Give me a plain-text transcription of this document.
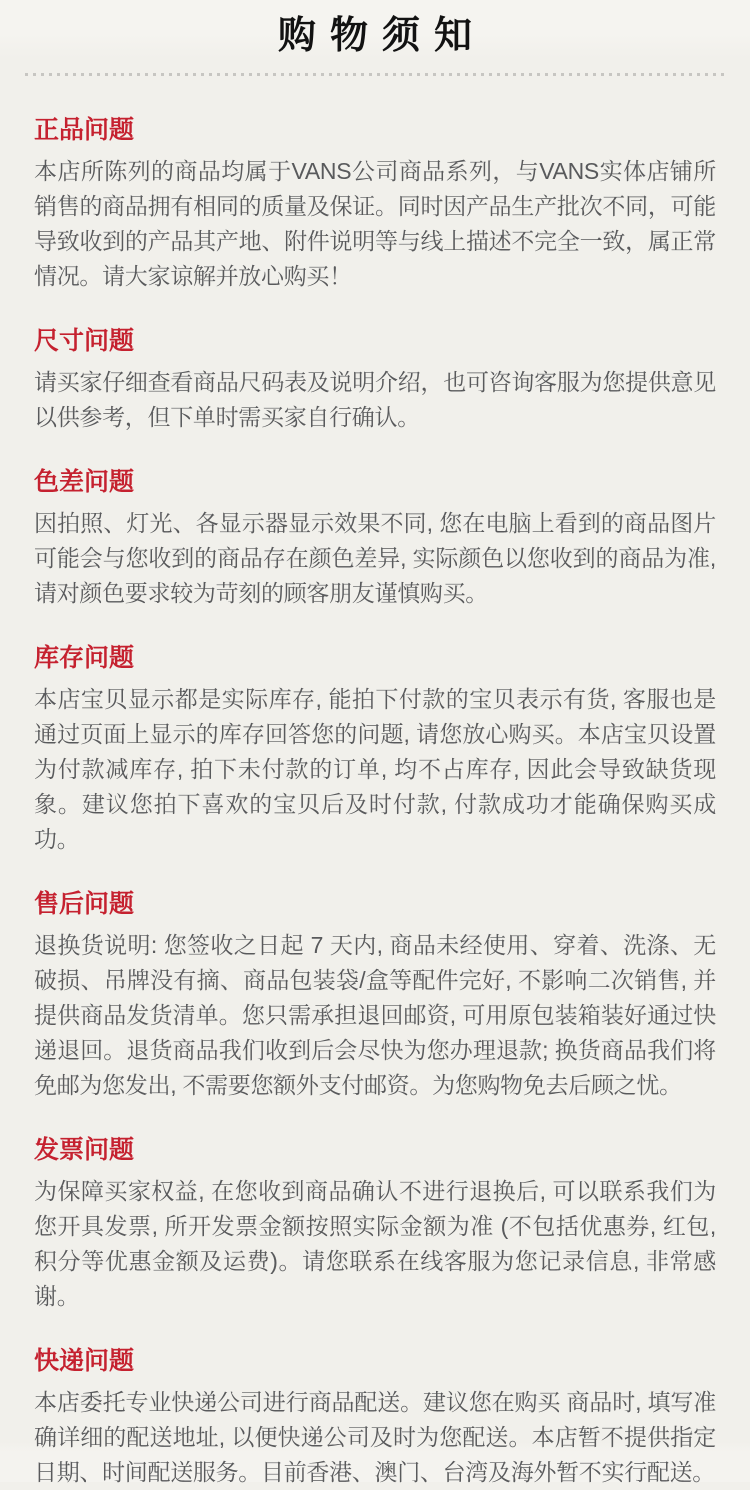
购物须知
正品问题

本店所陈列的商品均属于VANS公司商品系列，与VANS实体店铺所销售的商品拥有相同的质量及保证。同时因产品生产批次不同，可能导致收到的产品其产地、附件说明等与线上描述不完全一致，属正常情况。请大家谅解并放心购买！

尺寸问题

请买家仔细查看商品尺码表及说明介绍，也可咨询客服为您提供意见以供参考，但下单时需买家自行确认。

色差问题

因拍照、灯光、各显示器显示效果不同, 您在电脑上看到的商品图片可能会与您收到的商品存在颜色差异, 实际颜色以您收到的商品为准, 请对颜色要求较为苛刻的顾客朋友谨慎购买。

库存问题

本店宝贝显示都是实际库存, 能拍下付款的宝贝表示有货, 客服也是通过页面上显示的库存回答您的问题, 请您放心购买。本店宝贝设置为付款减库存, 拍下未付款的订单, 均不占库存, 因此会导致缺货现象。建议您拍下喜欢的宝贝后及时付款, 付款成功才能确保购买成功。

售后问题

退换货说明: 您签收之日起 7 天内, 商品未经使用、穿着、洗涤、无破损、吊牌没有摘、商品包装袋/盒等配件完好, 不影响二次销售, 并提供商品发货清单。您只需承担退回邮资, 可用原包装箱装好通过快递退回。退货商品我们收到后会尽快为您办理退款; 换货商品我们将免邮为您发出, 不需要您额外支付邮资。为您购物免去后顾之忧。

发票问题

为保障买家权益, 在您收到商品确认不进行退换后, 可以联系我们为您开具发票, 所开发票金额按照实际金额为准 (不包括优惠券, 红包, 积分等优惠金额及运费)。请您联系在线客服为您记录信息, 非常感谢。

快递问题

本店委托专业快递公司进行商品配送。建议您在购买 商品时, 填写准确详细的配送地址, 以便快递公司及时为您配送。本店暂不提供指定日期、时间配送服务。目前香港、澳门、台湾及海外暂不实行配送。
